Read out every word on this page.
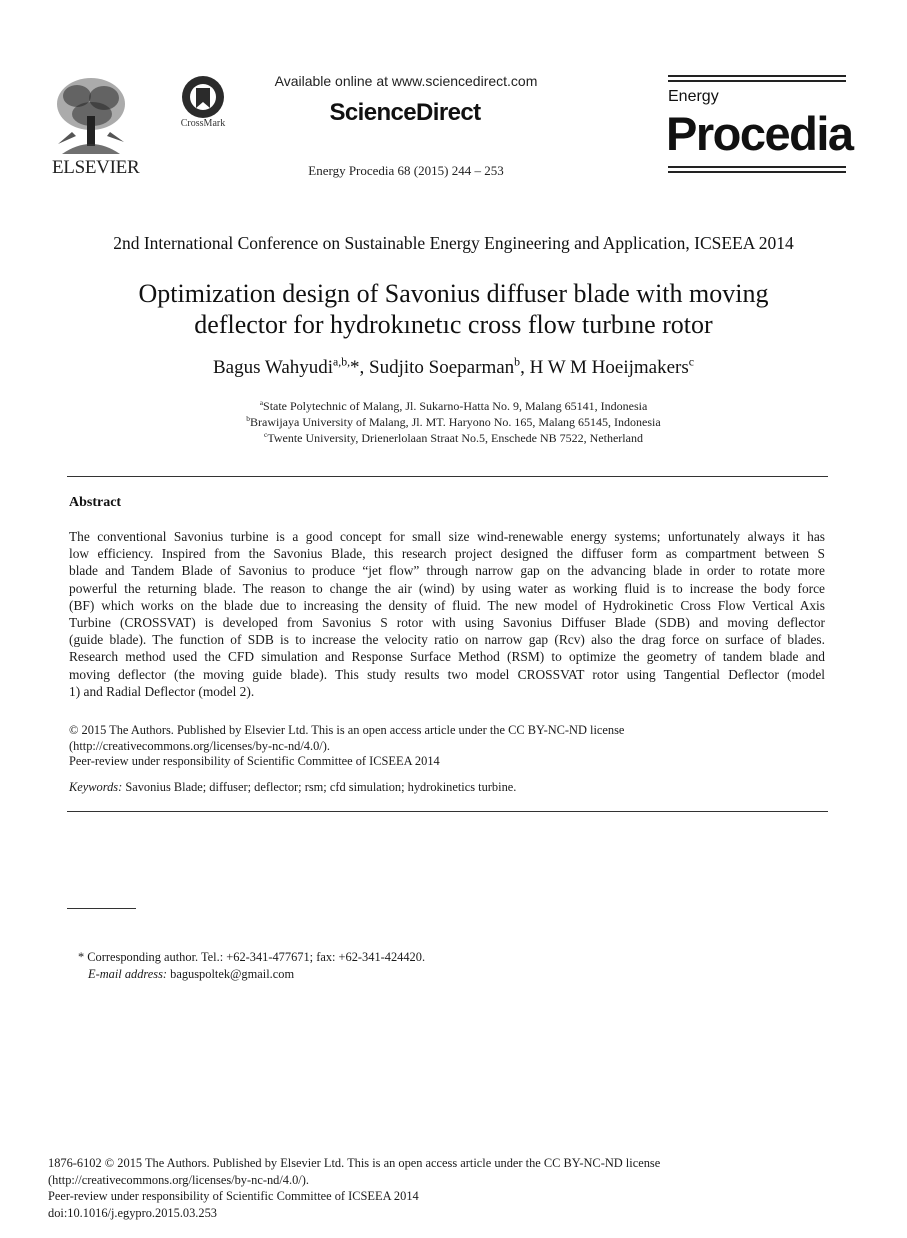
ELSEVIER
CrossMark
Available online at www.sciencedirect.com
ScienceDirect
Energy Procedia 68 (2015) 244 – 253
Energy
Procedia
2nd International Conference on Sustainable Energy Engineering and Application, ICSEEA 2014
Optimization design of Savonius diffuser blade with moving
deflector for hydrokınetıc cross flow turbıne rotor
Bagus Wahyudi$^{a,b,}$*, Sudjito Soeparman$^b$, H W M Hoeijmakers$^c$
$^a$State Polytechnic of Malang, Jl. Sukarno-Hatta No. 9, Malang 65141, Indonesia
$^b$Brawijaya University of Malang, Jl. MT. Haryono No. 165, Malang 65145, Indonesia
$^c$Twente University, Drienerlolaan Straat No.5, Enschede NB 7522, Netherland
Abstract
The conventional Savonius turbine is a good concept for small size wind-renewable energy systems; unfortunately always it has
low efficiency. Inspired from the Savonius Blade, this research project designed the diffuser form as compartment between S
blade and Tandem Blade of Savonius to produce “jet flow” through narrow gap on the advancing blade in order to rotate more
powerful the returning blade. The reason to change the air (wind) by using water as working fluid is to increase the body force
(BF) which works on the blade due to increasing the density of fluid. The new model of Hydrokinetic Cross Flow Vertical Axis
Turbine (CROSSVAT) is developed from Savonius S rotor with using Savonius Diffuser Blade (SDB) and moving deflector
(guide blade). The function of SDB is to increase the velocity ratio on narrow gap (Rcv) also the drag force on surface of blades.
Research method used the CFD simulation and Response Surface Method (RSM) to optimize the geometry of tandem blade and
moving deflector (the moving guide blade). This study results two model CROSSVAT rotor using Tangential Deflector (model
1) and Radial Deflector (model 2).
© 2015 The Authors. Published by Elsevier Ltd. This is an open access article under the CC BY-NC-ND license
(http://creativecommons.org/licenses/by-nc-nd/4.0/).
Peer-review under responsibility of Scientific Committee of ICSEEA 2014
Keywords: Savonius Blade; diffuser; deflector; rsm; cfd simulation; hydrokinetics turbine.
* Corresponding author. Tel.: +62-341-477671; fax: +62-341-424420.
E-mail address: baguspoltek@gmail.com
1876-6102 © 2015 The Authors. Published by Elsevier Ltd. This is an open access article under the CC BY-NC-ND license
(http://creativecommons.org/licenses/by-nc-nd/4.0/).
Peer-review under responsibility of Scientific Committee of ICSEEA 2014
doi:10.1016/j.egypro.2015.03.253
